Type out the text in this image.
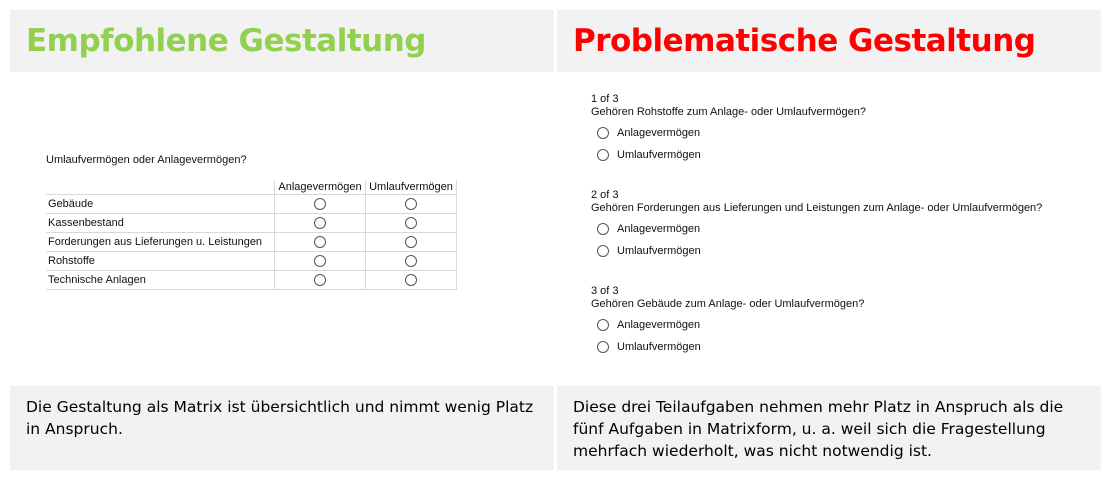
Empfohlene Gestaltung
Umlaufvermögen oder Anlagevermögen?
	Anlagevermögen	Umlaufvermögen
Gebäude		
Kassenbestand		
Forderungen aus Lieferungen u. Leistungen		
Rohstoffe		
Technische Anlagen		
Die Gestaltung als Matrix ist übersichtlich und nimmt wenig Platz in Anspruch.
Problematische Gestaltung
1 of 3
Gehören Rohstoffe zum Anlage- oder Umlaufvermögen?
Anlagevermögen
Umlaufvermögen
2 of 3
Gehören Forderungen aus Lieferungen und Leistungen zum Anlage- oder Umlaufvermögen?
Anlagevermögen
Umlaufvermögen
3 of 3
Gehören Gebäude zum Anlage- oder Umlaufvermögen?
Anlagevermögen
Umlaufvermögen
Diese drei Teilaufgaben nehmen mehr Platz in Anspruch als die fünf Aufgaben in Matrixform, u. a. weil sich die Fragestellung mehrfach wiederholt, was nicht notwendig ist.
